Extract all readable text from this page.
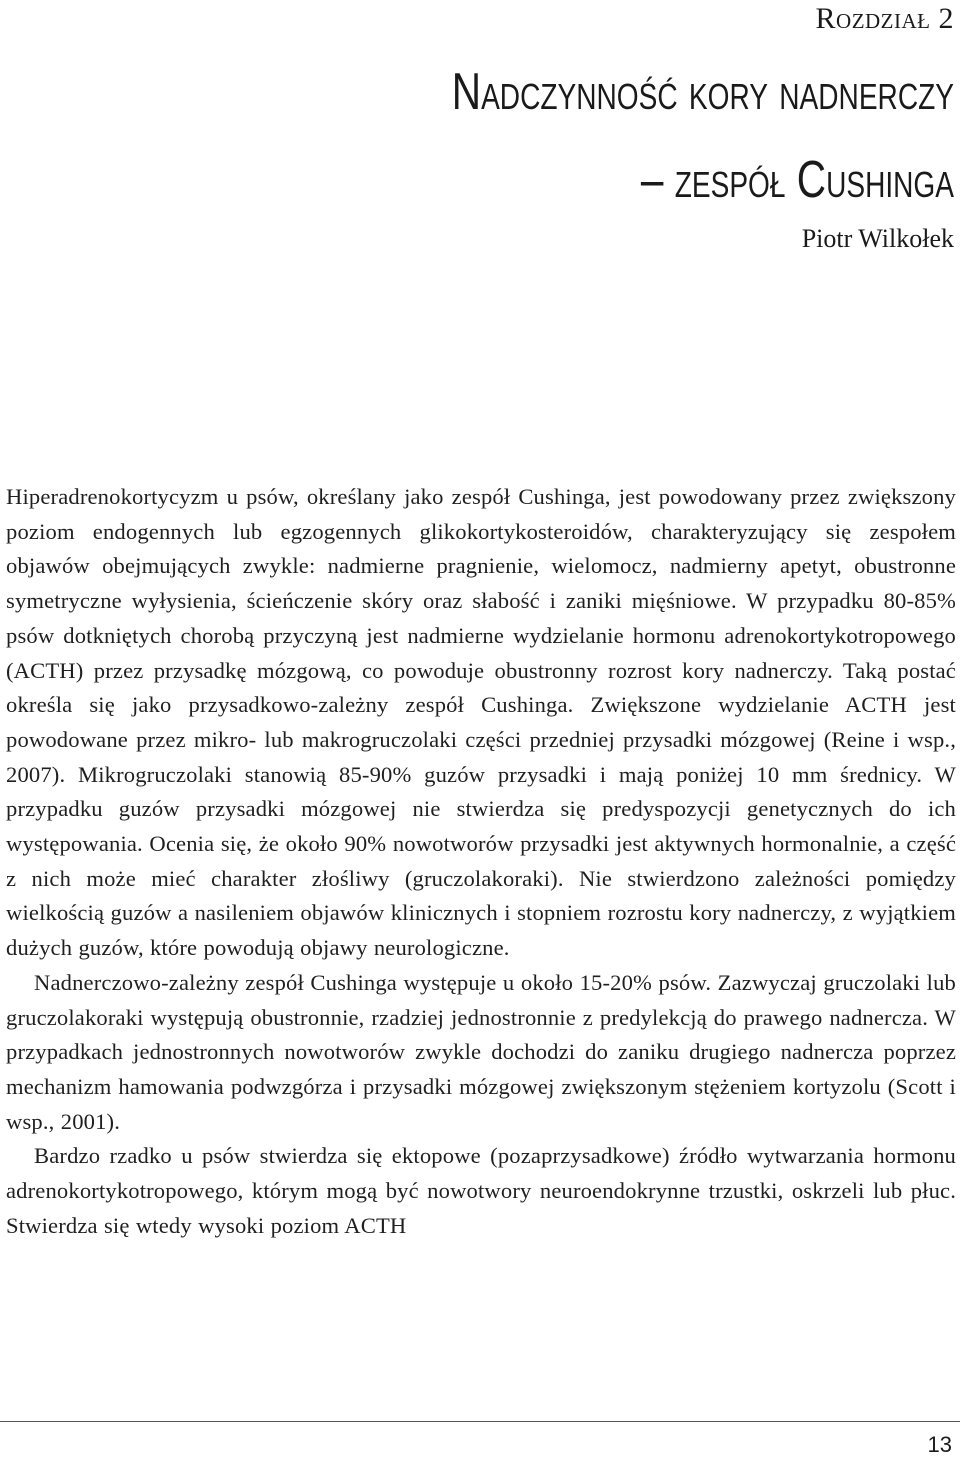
Rozdział 2

Nadczynność kory nadnerczy
– zespół Cushinga

Piotr Wilkołek

Hiperadrenokortycyzm u psów, określany jako zespół Cushinga, jest powodowany przez zwiększony poziom endogennych lub egzogennych glikokortykosteroidów, charakteryzujący się zespołem objawów obejmujących zwykle: nadmierne pragnienie, wielomocz, nadmierny apetyt, obustronne symetryczne wyłysienia, ścieńczenie skóry oraz słabość i zaniki mięśniowe. W przypadku 80-85% psów dotkniętych chorobą przyczyną jest nadmierne wydzielanie hormonu adrenokortykotropowego (ACTH) przez przysadkę mózgową, co powoduje obustronny rozrost kory nadnerczy. Taką postać określa się jako przysadkowo-zależny zespół Cushinga. Zwiększone wydzielanie ACTH jest powodowane przez mikro- lub makrogruczolaki części przedniej przysadki mózgowej (Reine i wsp., 2007). Mikrogruczolaki stanowią 85-90% guzów przysadki i mają poniżej 10 mm średnicy. W przypadku guzów przysadki mózgowej nie stwierdza się predyspozycji genetycznych do ich występowania. Ocenia się, że około 90% nowotworów przysadki jest aktywnych hormonalnie, a część z nich może mieć charakter złośliwy (gruczolakoraki). Nie stwierdzono zależności pomiędzy wielkością guzów a nasileniem objawów klinicznych i stopniem rozrostu kory nadnerczy, z wyjątkiem dużych guzów, które powodują objawy neurologiczne.

Nadnerczowo-zależny zespół Cushinga występuje u około 15-20% psów. Zazwyczaj gruczolaki lub gruczolakoraki występują obustronnie, rzadziej jednostronnie z predylekcją do prawego nadnercza. W przypadkach jednostronnych nowotworów zwykle dochodzi do zaniku drugiego nadnercza poprzez mechanizm hamowania podwzgórza i przysadki mózgowej zwiększonym stężeniem kortyzolu (Scott i wsp., 2001).

Bardzo rzadko u psów stwierdza się ektopowe (pozaprzysadkowe) źródło wytwarzania hormonu adrenokortykotropowego, którym mogą być nowotwory neuroendokrynne trzustki, oskrzeli lub płuc. Stwierdza się wtedy wysoki poziom ACTH

13
